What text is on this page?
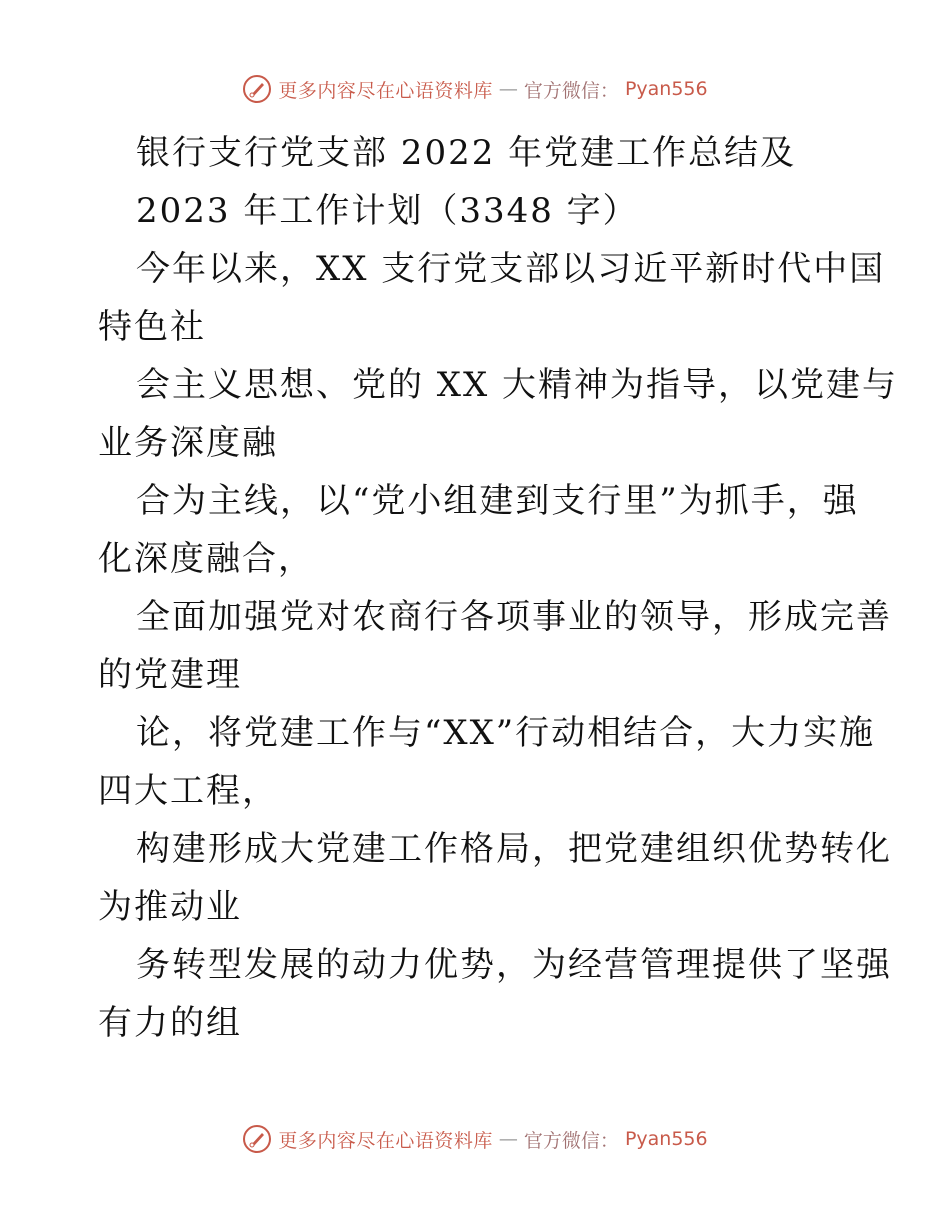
更多内容尽在心语资料库 — 官方微信： Pyan556
银行支行党支部 2022 年党建工作总结及
2023 年工作计划（3348 字）
今年以来，XX 支行党支部以习近平新时代中国
特色社
会主义思想、党的 XX 大精神为指导，以党建与
业务深度融
合为主线，以“党小组建到支行里”为抓手，强
化深度融合，
全面加强党对农商行各项事业的领导，形成完善
的党建理
论，将党建工作与“XX”行动相结合，大力实施
四大工程，
构建形成大党建工作格局，把党建组织优势转化
为推动业
务转型发展的动力优势，为经营管理提供了坚强
有力的组
更多内容尽在心语资料库 — 官方微信： Pyan556
